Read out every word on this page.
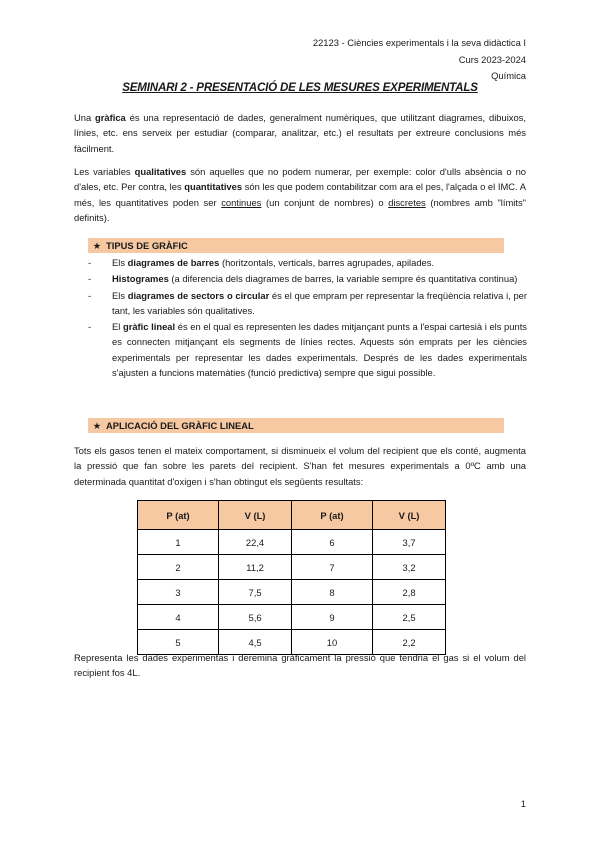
22123 - Ciències experimentals i la seva didàctica I
Curs 2023-2024
Química
SEMINARI 2 - PRESENTACIÓ DE LES MESURES EXPERIMENTALS
Una gràfica és una representació de dades, generalment numèriques, que utilitzant diagrames, dibuixos, línies, etc. ens serveix per estudiar (comparar, analitzar, etc.) el resultats per extreure conclusions més fàcilment.
Les variables qualitatives són aquelles que no podem numerar, per exemple: color d'ulls absència o no d'ales, etc. Per contra, les quantitatives són les que podem contabilitzar com ara el pes, l'alçada o el IMC. A més, les quantitatives poden ser continues (un conjunt de nombres) o discretes (nombres amb "límits" definits).
★ TIPUS DE GRÀFIC
- Els diagrames de barres (horitzontals, verticals, barres agrupades, apilades.
- Histogrames (a diferencia dels diagrames de barres, la variable sempre és quantitativa continua)
- Els diagrames de sectors o circular és el que empram per representar la freqüència relativa i, per tant, les variables són qualitatives.
- El gràfic lineal és en el qual es representen les dades mitjançant punts a l'espai cartesià i els punts es connecten mitjançant els segments de línies rectes. Aquests són emprats per les ciències experimentals per representar les dades experimentals. Després de les dades experimentals s'ajusten a funcions matemàties (funció predictiva) sempre que sigui possible.
★ APLICACIÓ DEL GRÀFIC LINEAL
Tots els gasos tenen el mateix comportament, si disminueix el volum del recipient que els conté, augmenta la pressió que fan sobre les parets del recipient. S'han fet mesures experimentals a 0ºC amb una determinada quantitat d'oxigen i s'han obtingut els següents resultats:
P (at)	V (L)	P (at)	V (L)
1	22,4	6	3,7
2	11,2	7	3,2
3	7,5	8	2,8
4	5,6	9	2,5
5	4,5	10	2,2
Representa les dades experimentas i deremina gràficament la pressió que tendria el gas si el volum del recipient fos 4L.
1
